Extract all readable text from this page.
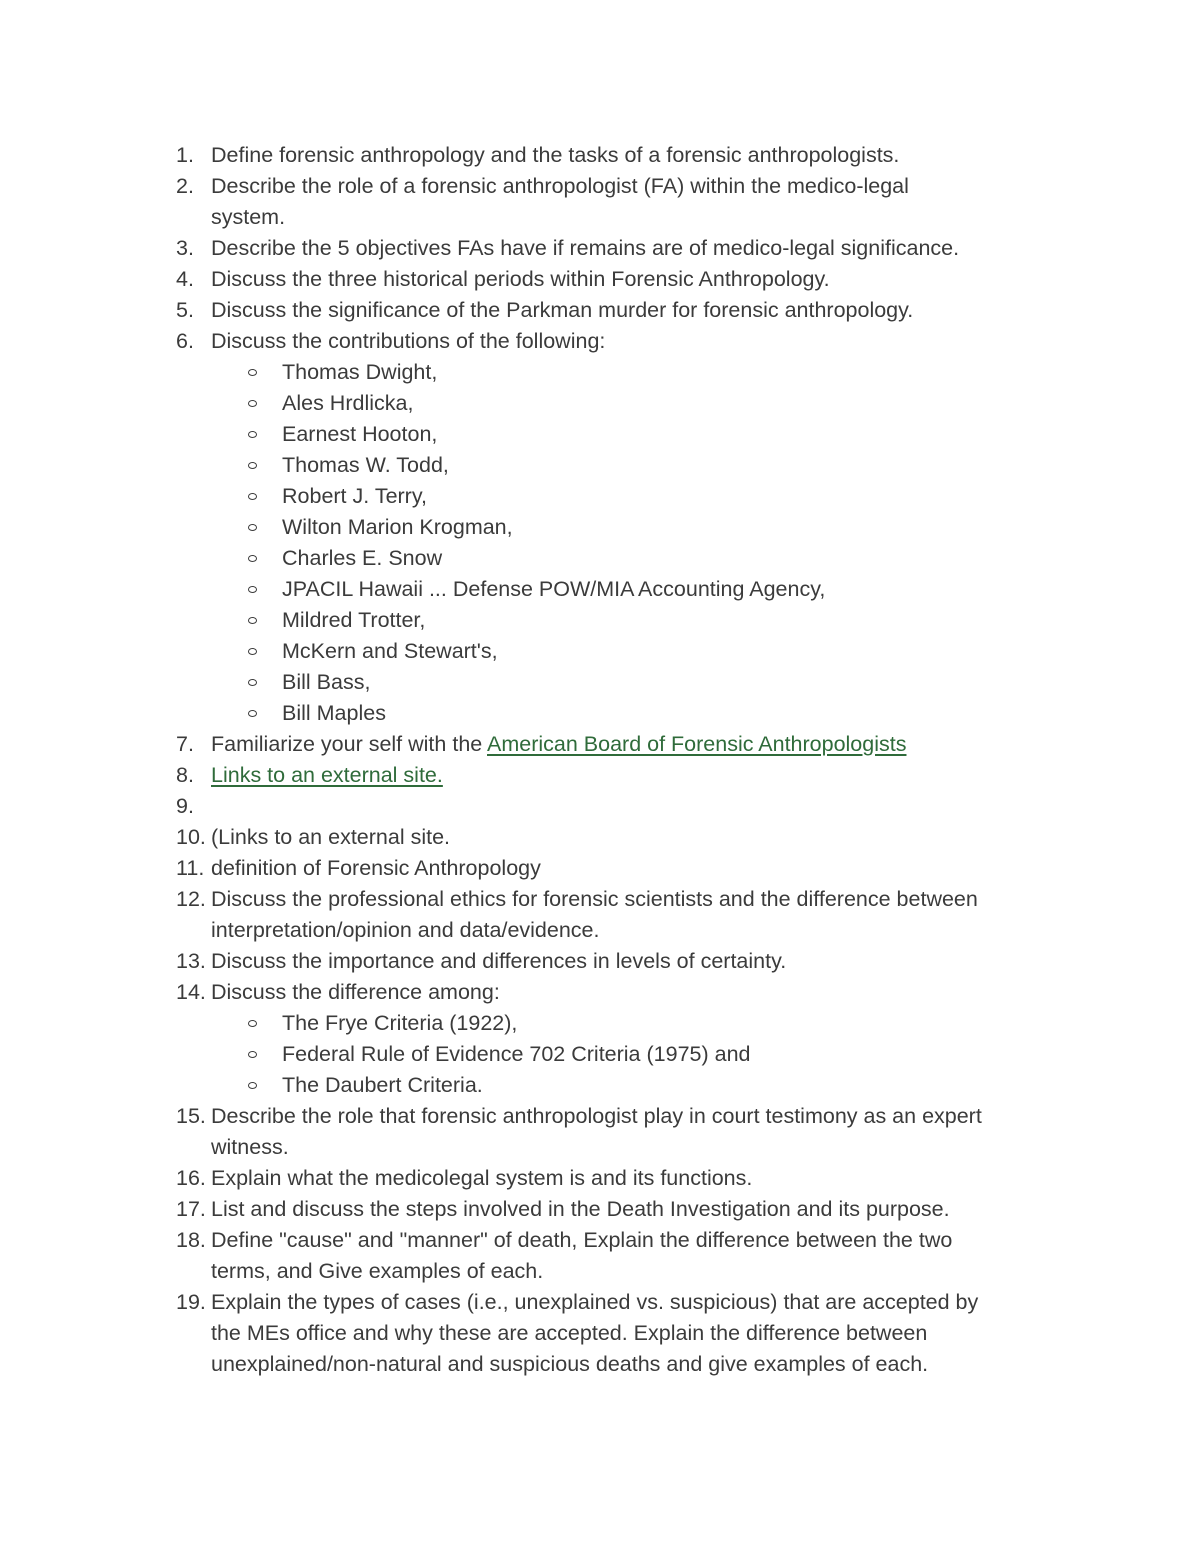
1. Define forensic anthropology and the tasks of a forensic anthropologists.
2. Describe the role of a forensic anthropologist (FA) within the medico-legal
system.
3. Describe the 5 objectives FAs have if remains are of medico-legal significance.
4. Discuss the three historical periods within Forensic Anthropology.
5. Discuss the significance of the Parkman murder for forensic anthropology.
6. Discuss the contributions of the following:
Thomas Dwight,
Ales Hrdlicka,
Earnest Hooton,
Thomas W. Todd,
Robert J. Terry,
Wilton Marion Krogman,
Charles E. Snow
JPACIL Hawaii ... Defense POW/MIA Accounting Agency,
Mildred Trotter,
McKern and Stewart's,
Bill Bass,
Bill Maples
7. Familiarize your self with the American Board of Forensic Anthropologists
8. Links to an external site.
9.
10. (Links to an external site.
11. definition of Forensic Anthropology
12. Discuss the professional ethics for forensic scientists and the difference between
interpretation/opinion and data/evidence.
13. Discuss the importance and differences in levels of certainty.
14. Discuss the difference among:
The Frye Criteria (1922),
Federal Rule of Evidence 702 Criteria (1975) and
The Daubert Criteria.
15. Describe the role that forensic anthropologist play in court testimony as an expert
witness.
16. Explain what the medicolegal system is and its functions.
17. List and discuss the steps involved in the Death Investigation and its purpose.
18. Define "cause" and "manner" of death, Explain the difference between the two
terms, and Give examples of each.
19. Explain the types of cases (i.e., unexplained vs. suspicious) that are accepted by
the MEs office and why these are accepted. Explain the difference between
unexplained/non-natural and suspicious deaths and give examples of each.
